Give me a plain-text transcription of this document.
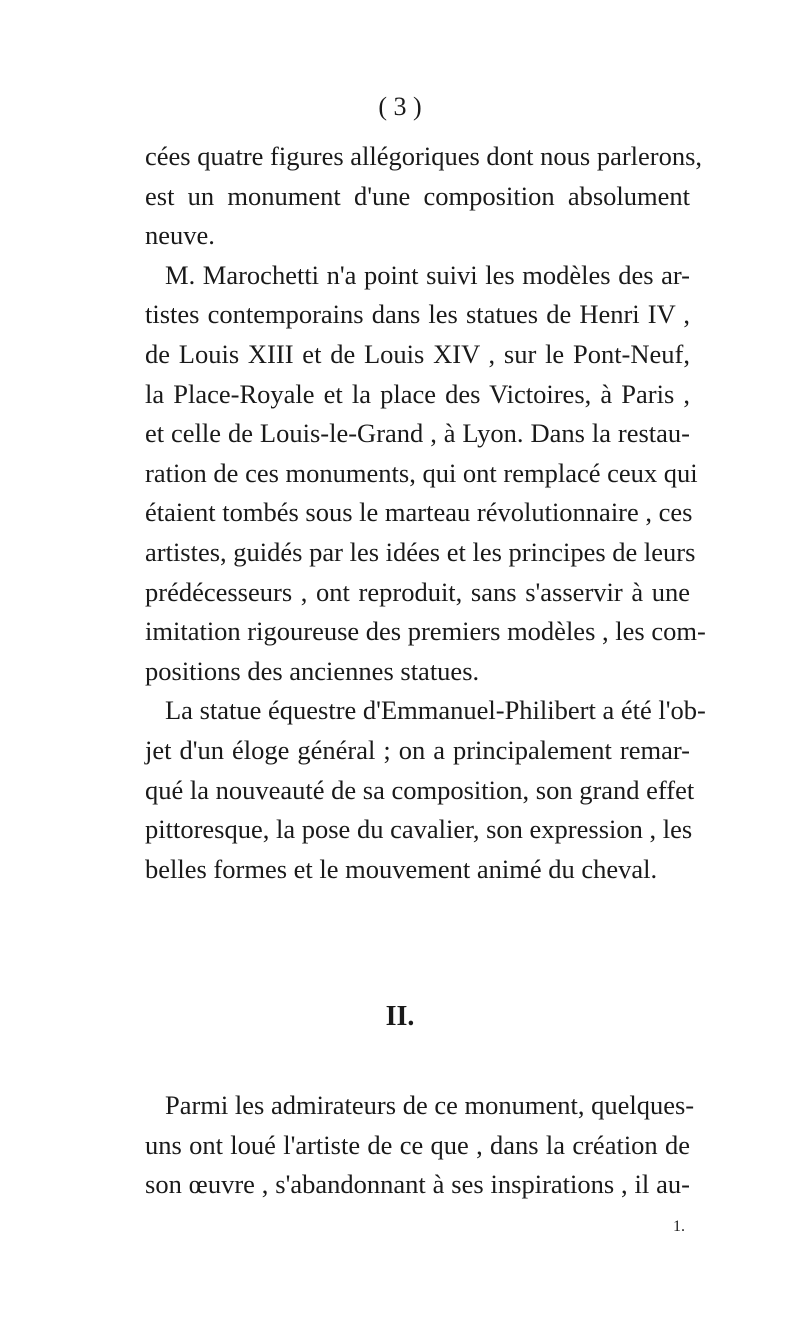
( 3 )
cées quatre figures allégoriques dont nous parlerons,
est un monument d'une composition absolument
neuve.
M. Marochetti n'a point suivi les modèles des ar-
tistes contemporains dans les statues de Henri IV ,
de Louis XIII et de Louis XIV , sur le Pont-Neuf,
la Place-Royale et la place des Victoires, à Paris ,
et celle de Louis-le-Grand , à Lyon. Dans la restau-
ration de ces monuments, qui ont remplacé ceux qui
étaient tombés sous le marteau révolutionnaire , ces
artistes, guidés par les idées et les principes de leurs
prédécesseurs , ont reproduit, sans s'asservir à une
imitation rigoureuse des premiers modèles , les com-
positions des anciennes statues.
La statue équestre d'Emmanuel-Philibert a été l'ob-
jet d'un éloge général ; on a principalement remar-
qué la nouveauté de sa composition, son grand effet
pittoresque, la pose du cavalier, son expression , les
belles formes et le mouvement animé du cheval.
II.
Parmi les admirateurs de ce monument, quelques-
uns ont loué l'artiste de ce que , dans la création de
son œuvre , s'abandonnant à ses inspirations , il au-
1.
